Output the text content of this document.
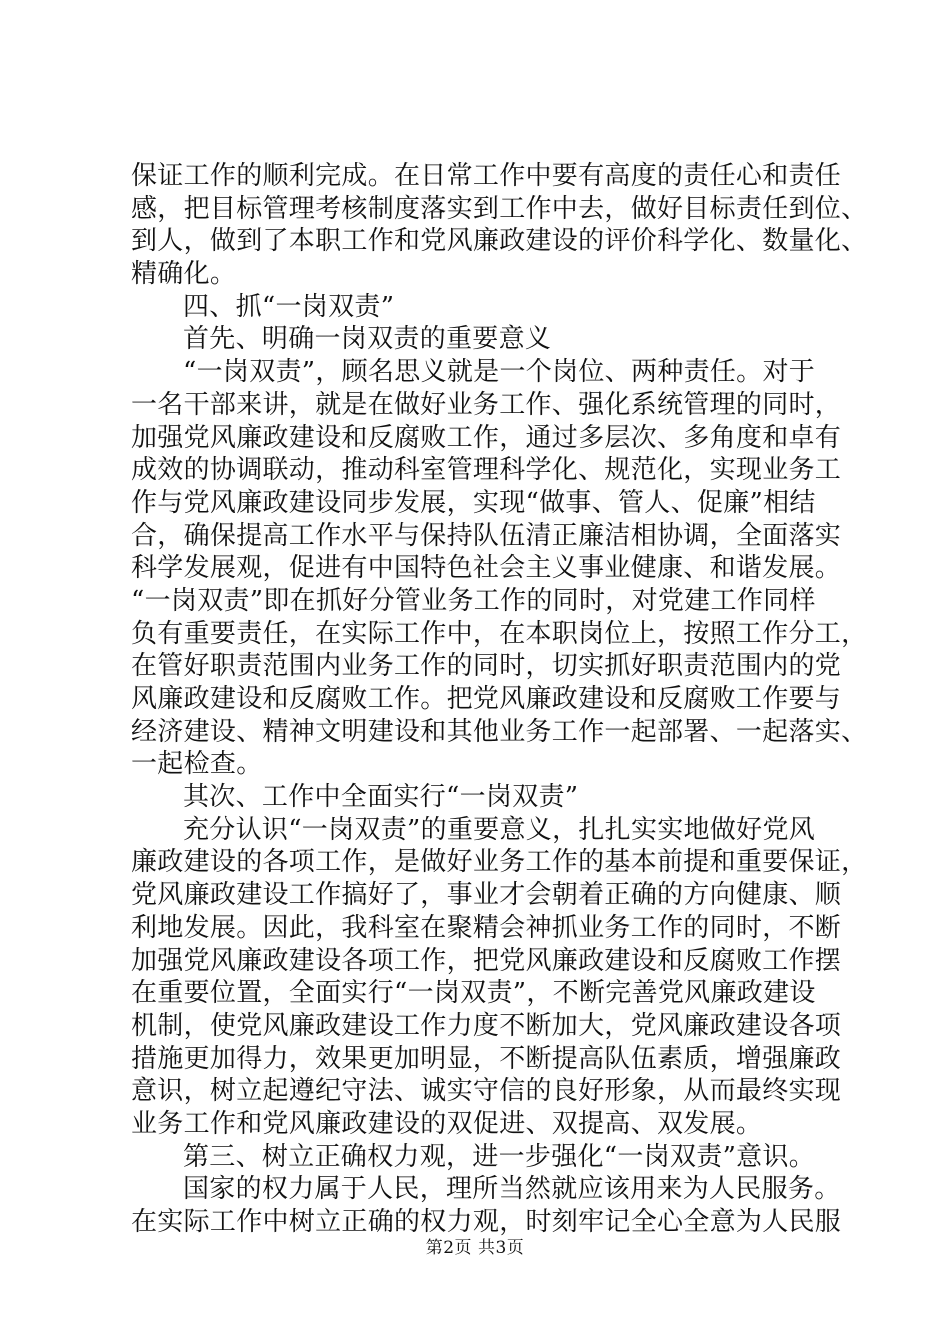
保证工作的顺利完成。在日常工作中要有高度的责任心和责任
感，把目标管理考核制度落实到工作中去，做好目标责任到位、
到人，做到了本职工作和党风廉政建设的评价科学化、数量化、
精确化。
四、抓“一岗双责”
首先、明确一岗双责的重要意义
“一岗双责”，顾名思义就是一个岗位、两种责任。对于
一名干部来讲，就是在做好业务工作、强化系统管理的同时，
加强党风廉政建设和反腐败工作，通过多层次、多角度和卓有
成效的协调联动，推动科室管理科学化、规范化，实现业务工
作与党风廉政建设同步发展，实现“做事、管人、促廉”相结
合，确保提高工作水平与保持队伍清正廉洁相协调，全面落实
科学发展观，促进有中国特色社会主义事业健康、和谐发展。
“一岗双责”即在抓好分管业务工作的同时，对党建工作同样
负有重要责任，在实际工作中，在本职岗位上，按照工作分工，
在管好职责范围内业务工作的同时，切实抓好职责范围内的党
风廉政建设和反腐败工作。把党风廉政建设和反腐败工作要与
经济建设、精神文明建设和其他业务工作一起部署、一起落实、
一起检查。
其次、工作中全面实行“一岗双责”
充分认识“一岗双责”的重要意义，扎扎实实地做好党风
廉政建设的各项工作，是做好业务工作的基本前提和重要保证，
党风廉政建设工作搞好了，事业才会朝着正确的方向健康、顺
利地发展。因此，我科室在聚精会神抓业务工作的同时，不断
加强党风廉政建设各项工作，把党风廉政建设和反腐败工作摆
在重要位置，全面实行“一岗双责”，不断完善党风廉政建设
机制，使党风廉政建设工作力度不断加大，党风廉政建设各项
措施更加得力，效果更加明显，不断提高队伍素质，增强廉政
意识，树立起遵纪守法、诚实守信的良好形象，从而最终实现
业务工作和党风廉政建设的双促进、双提高、双发展。
第三、树立正确权力观，进一步强化“一岗双责”意识。
国家的权力属于人民，理所当然就应该用来为人民服务。
在实际工作中树立正确的权力观，时刻牢记全心全意为人民服
第2页 共3页
